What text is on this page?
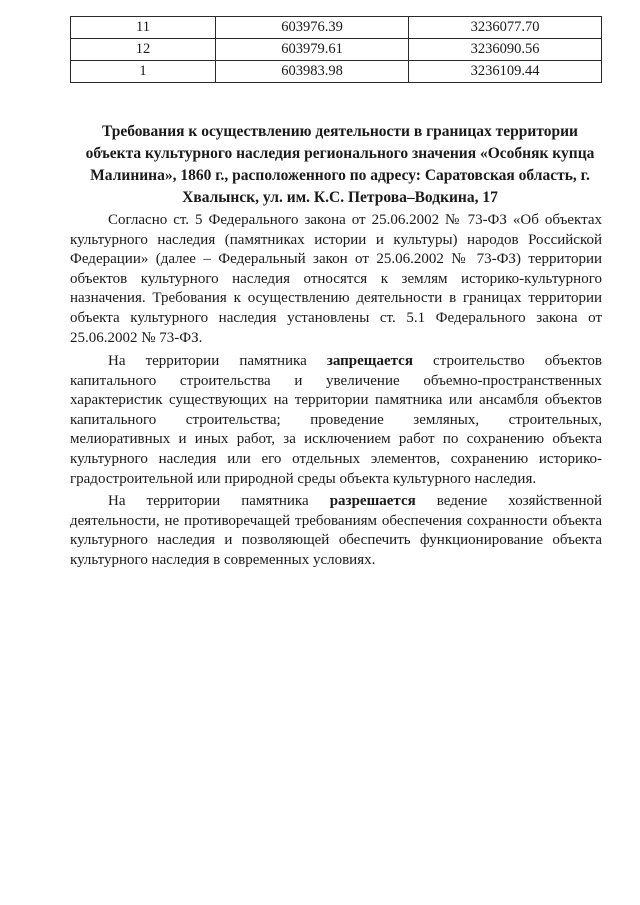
11	603976.39	3236077.70
12	603979.61	3236090.56
1	603983.98	3236109.44
Требования к осуществлению деятельности в границах территории объекта культурного наследия регионального значения «Особняк купца Малинина», 1860 г., расположенного по адресу: Саратовская область, г. Хвалынск, ул. им. К.С. Петрова–Водкина, 17

Согласно ст. 5 Федерального закона от 25.06.2002 № 73-ФЗ «Об объектах культурного наследия (памятниках истории и культуры) народов Российской Федерации» (далее – Федеральный закон от 25.06.2002 № 73-ФЗ) территории объектов культурного наследия относятся к землям историко-культурного назначения. Требования к осуществлению деятельности в границах территории объекта культурного наследия установлены ст. 5.1 Федерального закона от 25.06.2002 № 73-ФЗ.

На территории памятника запрещается строительство объектов капитального строительства и увеличение объемно-пространственных характеристик существующих на территории памятника или ансамбля объектов капитального строительства; проведение земляных, строительных, мелиоративных и иных работ, за исключением работ по сохранению объекта культурного наследия или его отдельных элементов, сохранению историко-градостроительной или природной среды объекта культурного наследия.

На территории памятника разрешается ведение хозяйственной деятельности, не противоречащей требованиям обеспечения сохранности объекта культурного наследия и позволяющей обеспечить функционирование объекта культурного наследия в современных условиях.
